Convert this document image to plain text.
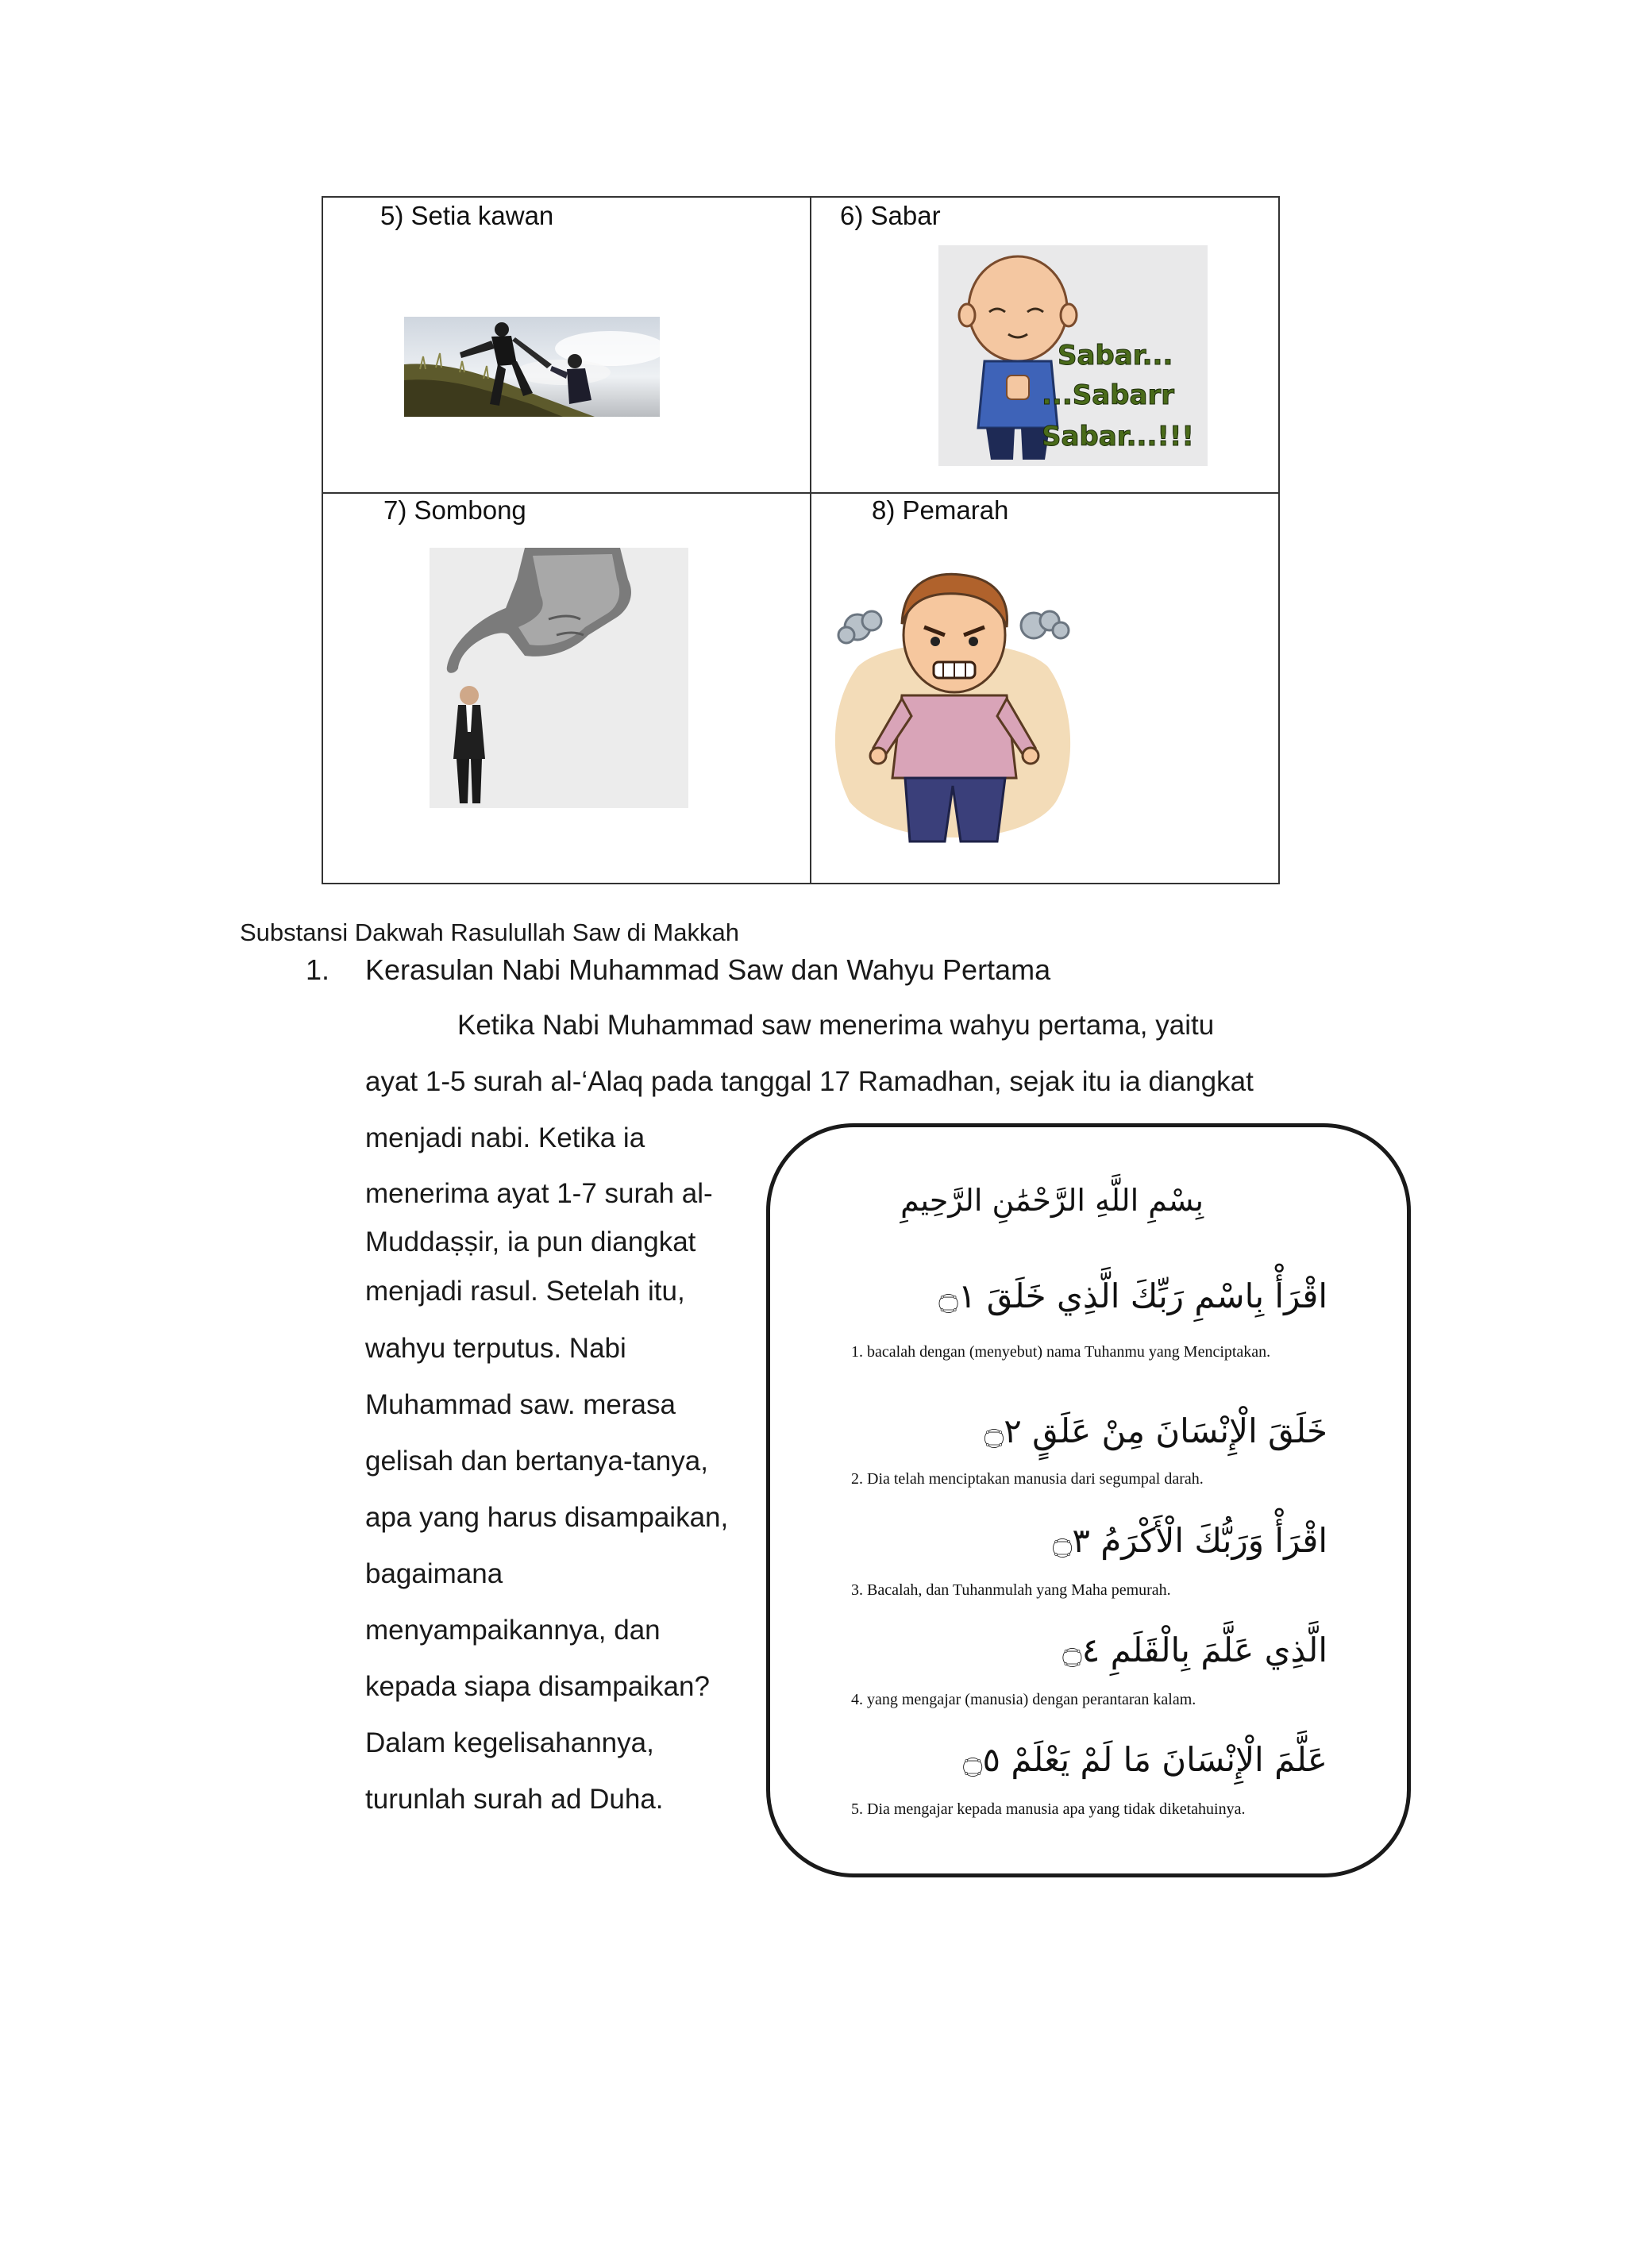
5) Setia kawan	6) Sabar
Sabar...
...Sabarr
Sabar...!!!
7) Sombong	8) Pemarah
Substansi Dakwah Rasulullah Saw di Makkah
1. Kerasulan Nabi Muhammad Saw dan Wahyu Pertama
Ketika Nabi Muhammad saw menerima wahyu pertama, yaitu
ayat 1-5 surah al-‘Alaq pada tanggal 17 Ramadhan, sejak itu ia diangkat
menjadi nabi. Ketika ia
menerima ayat 1-7 surah al-
Muddaṣṣir, ia pun diangkat
menjadi rasul. Setelah itu,
wahyu terputus. Nabi
Muhammad saw. merasa
gelisah dan bertanya-tanya,
apa yang harus disampaikan,
bagaimana
menyampaikannya, dan
kepada siapa disampaikan?
Dalam kegelisahannya,
turunlah surah ad Duha.
بِسْمِ اللَّهِ الرَّحْمَٰنِ الرَّحِيمِ
اقْرَأْ بِاسْمِ رَبِّكَ الَّذِي خَلَقَ ۝١
1. bacalah dengan (menyebut) nama Tuhanmu yang Menciptakan.
خَلَقَ الْإِنْسَانَ مِنْ عَلَقٍ ۝٢
2. Dia telah menciptakan manusia dari segumpal darah.
اقْرَأْ وَرَبُّكَ الْأَكْرَمُ ۝٣
3. Bacalah, dan Tuhanmulah yang Maha pemurah.
الَّذِي عَلَّمَ بِالْقَلَمِ ۝٤
4. yang mengajar (manusia) dengan perantaran kalam.
عَلَّمَ الْإِنْسَانَ مَا لَمْ يَعْلَمْ ۝٥
5. Dia mengajar kepada manusia apa yang tidak diketahuinya.
